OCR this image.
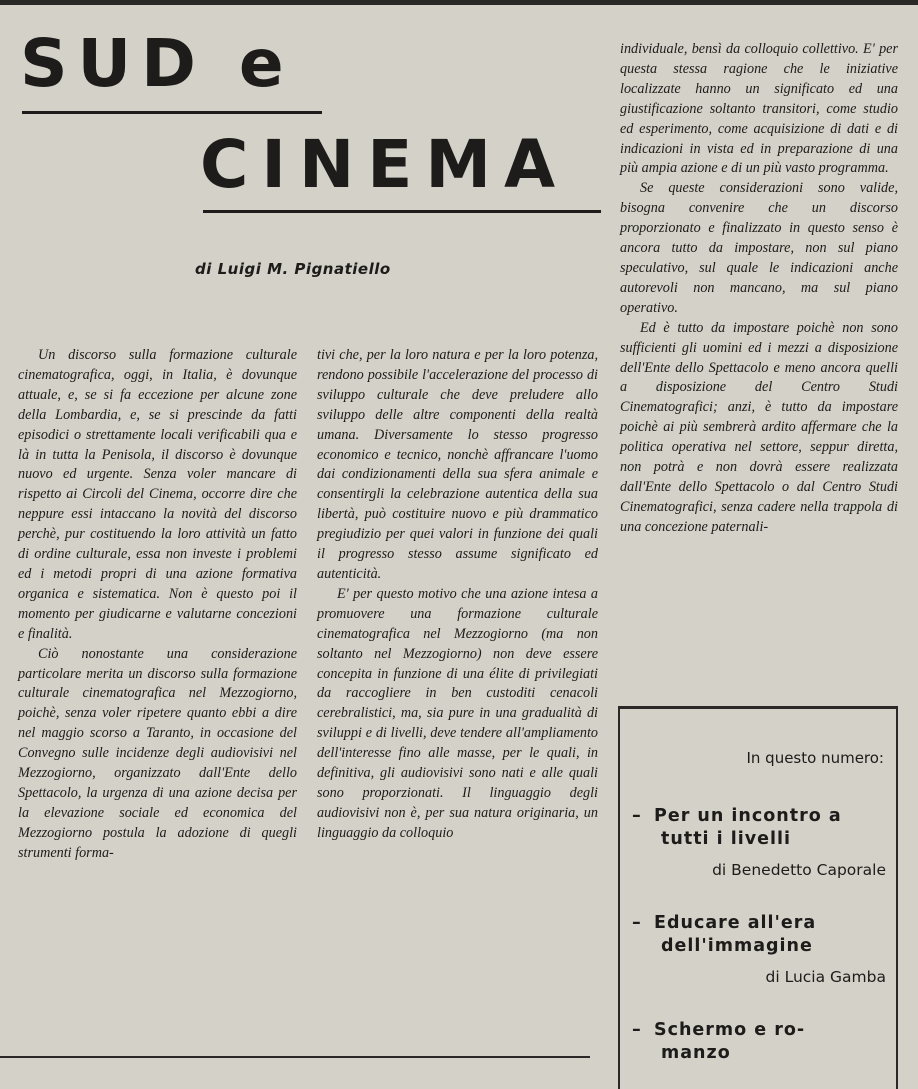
SUD e
CINEMA
di Luigi M. Pignatiello

Un discorso sulla formazione culturale cinematografica, oggi, in Italia, è dovunque attuale, e, se si fa eccezione per alcune zone della Lombardia, e, se si prescinde da fatti episodici o strettamente locali verificabili qua e là in tutta la Penisola, il discorso è dovunque nuovo ed urgente. Senza voler mancare di rispetto ai Circoli del Cinema, occorre dire che neppure essi intaccano la novità del discorso perchè, pur costituendo la loro attività un fatto di ordine culturale, essa non investe i problemi ed i metodi propri di una azione formativa organica e sistematica. Non è questo poi il momento per giudicarne e valutarne concezioni e finalità.

Ciò nonostante una considerazione particolare merita un discorso sulla formazione culturale cinematografica nel Mezzogiorno, poichè, senza voler ripetere quanto ebbi a dire nel maggio scorso a Taranto, in occasione del Convegno sulle incidenze degli audiovisivi nel Mezzogiorno, organizzato dall'Ente dello Spettacolo, la urgenza di una azione decisa per la elevazione sociale ed economica del Mezzogiorno postula la adozione di quegli strumenti forma-

tivi che, per la loro natura e per la loro potenza, rendono possibile l'accelerazione del processo di sviluppo culturale che deve preludere allo sviluppo delle altre componenti della realtà umana. Diversamente lo stesso progresso economico e tecnico, nonchè affrancare l'uomo dai condizionamenti della sua sfera animale e consentirgli la celebrazione autentica della sua libertà, può costituire nuovo e più drammatico pregiudizio per quei valori in funzione dei quali il progresso stesso assume significato ed autenticità.

E' per questo motivo che una azione intesa a promuovere una formazione culturale cinematografica nel Mezzogiorno (ma non soltanto nel Mezzogiorno) non deve essere concepita in funzione di una élite di privilegiati da raccogliere in ben custoditi cenacoli cerebralistici, ma, sia pure in una gradualità di sviluppi e di livelli, deve tendere all'ampliamento dell'interesse fino alle masse, per le quali, in definitiva, gli audiovisivi sono nati e alle quali sono proporzionati. Il linguaggio degli audiovisivi non è, per sua natura originaria, un linguaggio da colloquio

individuale, bensì da colloquio collettivo. E' per questa stessa ragione che le iniziative localizzate hanno un significato ed una giustificazione soltanto transitori, come studio ed esperimento, come acquisizione di dati e di indicazioni in vista ed in preparazione di una più ampia azione e di un più vasto programma.

Se queste considerazioni sono valide, bisogna convenire che un discorso proporzionato e finalizzato in questo senso è ancora tutto da impostare, non sul piano speculativo, sul quale le indicazioni anche autorevoli non mancano, ma sul piano operativo.

Ed è tutto da impostare poichè non sono sufficienti gli uomini ed i mezzi a disposizione dell'Ente dello Spettacolo e meno ancora quelli a disposizione del Centro Studi Cinematografici; anzi, è tutto da impostare poichè ai più sembrerà ardito affermare che la politica operativa nel settore, seppur diretta, non potrà e non dovrà essere realizzata dall'Ente dello Spettacolo o dal Centro Studi Cinematografici, senza cadere nella trappola di una concezione paternali-

In questo numero:
– Per un incontro a
tutti i livelli
di Benedetto Caporale
– Educare all'era
dell'immagine
di Lucia Gamba
– Schermo e ro-
manzo
